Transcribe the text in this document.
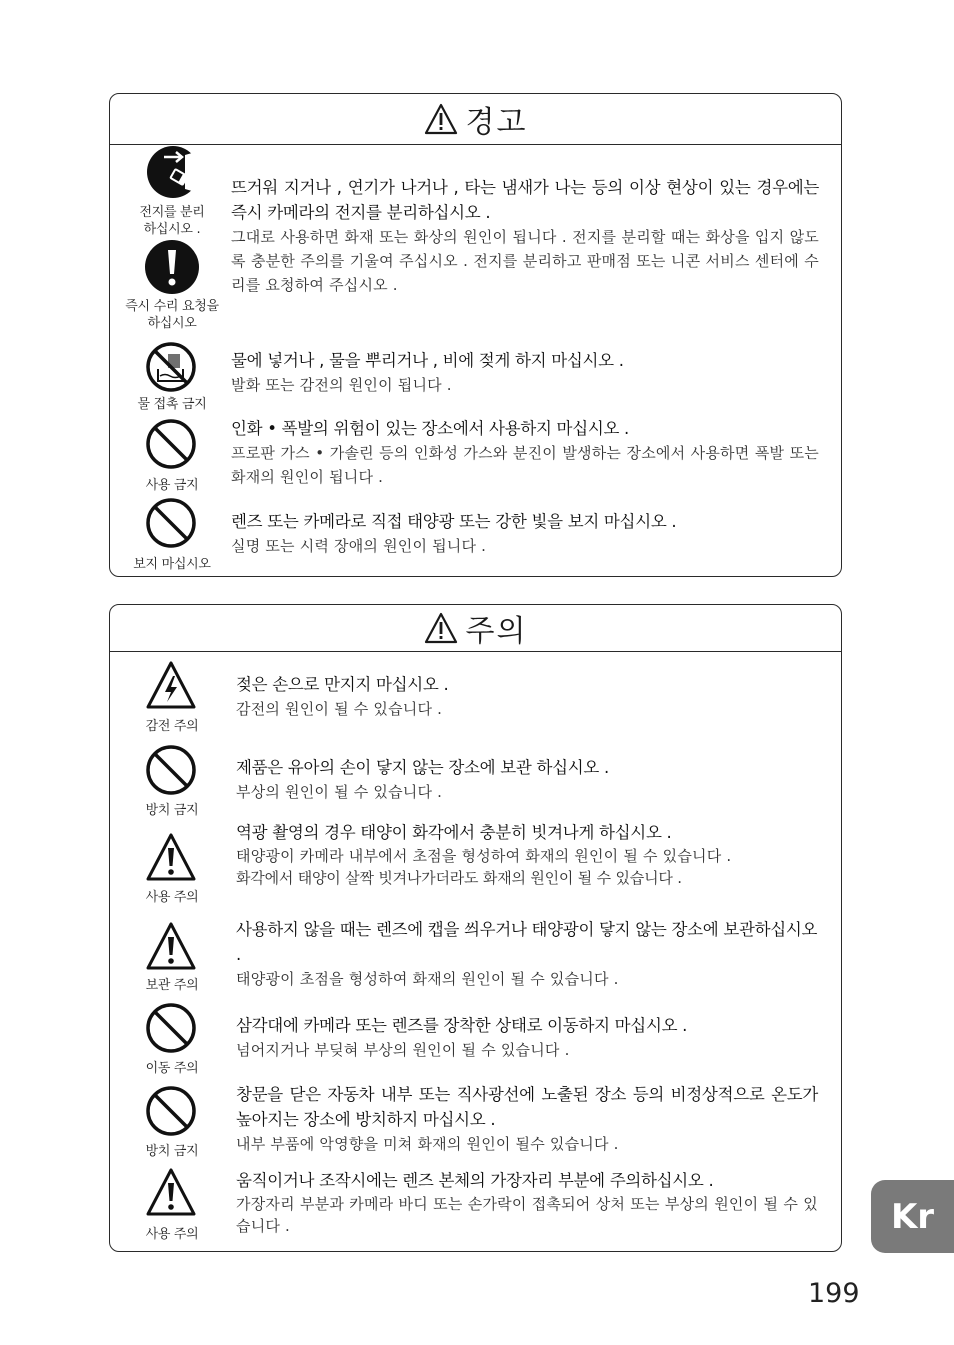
경고
전지를 분리
하십시오 .
뜨거워 지거나 , 연기가 나거나 , 타는 냄새가 나는 등의 이상 현상이 있는 경우에는 즉시 카메라의 전지를 분리하십시오 .
그대로 사용하면 화재 또는 화상의 원인이 됩니다 . 전지를 분리할 때는 화상을 입지 않도록 충분한 주의를 기울여 주십시오 . 전지를 분리하고 판매점 또는 니콘 서비스 센터에 수리를 요청하여 주십시오 .
즉시 수리 요청을
하십시오
물 접촉 금지
물에 넣거나 , 물을 뿌리거나 , 비에 젖게 하지 마십시오 .
발화 또는 감전의 원인이 됩니다 .
사용 금지
인화 • 폭발의 위험이 있는 장소에서 사용하지 마십시오 .
프로판 가스 • 가솔린 등의 인화성 가스와 분진이 발생하는 장소에서 사용하면 폭발 또는 화재의 원인이 됩니다 .
보지 마십시오
렌즈 또는 카메라로 직접 태양광 또는 강한 빛을 보지 마십시오 .
실명 또는 시력 장애의 원인이 됩니다 .
주의
감전 주의
젖은 손으로 만지지 마십시오 .
감전의 원인이 될 수 있습니다 .
방치 금지
제품은 유아의 손이 닿지 않는 장소에 보관 하십시오 .
부상의 원인이 될 수 있습니다 .
사용 주의
역광 촬영의 경우 태양이 화각에서 충분히 빗겨나게 하십시오 .
태양광이 카메라 내부에서 초점을 형성하여 화재의 원인이 될 수 있습니다 .
화각에서 태양이 살짝 빗겨나가더라도 화재의 원인이 될 수 있습니다 .
보관 주의
사용하지 않을 때는 렌즈에 캡을 씌우거나 태양광이 닿지 않는 장소에 보관하십시오 .
태양광이 초점을 형성하여 화재의 원인이 될 수 있습니다 .
이동 주의
삼각대에 카메라 또는 렌즈를 장착한 상태로 이동하지 마십시오 .
넘어지거나 부딪혀 부상의 원인이 될 수 있습니다 .
방치 금지
창문을 닫은 자동차 내부 또는 직사광선에 노출된 장소 등의 비정상적으로 온도가 높아지는 장소에 방치하지 마십시오 .
내부 부품에 악영향을 미쳐 화재의 원인이 될수 있습니다 .
사용 주의
움직이거나 조작시에는 렌즈 본체의 가장자리 부분에 주의하십시오 .
가장자리 부분과 카메라 바디 또는 손가락이 접촉되어 상처 또는 부상의 원인이 될 수 있습니다 .	Kr
199
